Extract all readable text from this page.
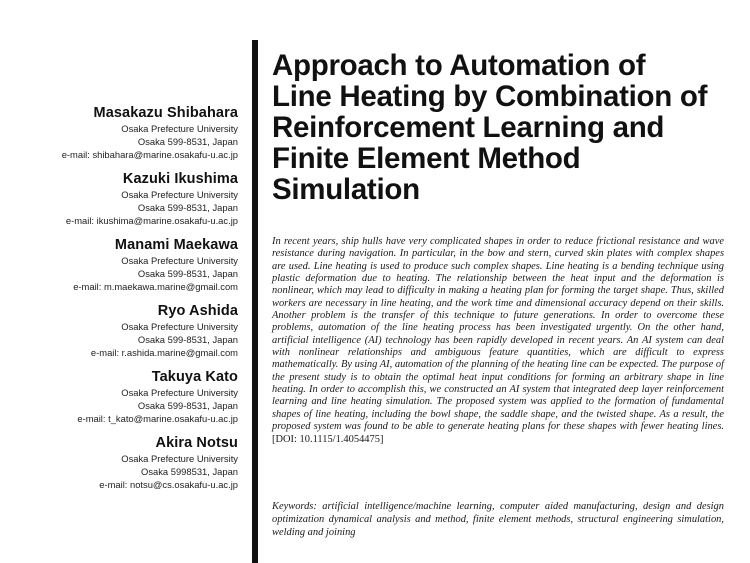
Masakazu Shibahara
Osaka Prefecture University
Osaka 599-8531, Japan
e-mail: shibahara@marine.osakafu-u.ac.jp
Kazuki Ikushima
Osaka Prefecture University
Osaka 599-8531, Japan
e-mail: ikushima@marine.osakafu-u.ac.jp
Manami Maekawa
Osaka Prefecture University
Osaka 599-8531, Japan
e-mail: m.maekawa.marine@gmail.com
Ryo Ashida
Osaka Prefecture University
Osaka 599-8531, Japan
e-mail: r.ashida.marine@gmail.com
Takuya Kato
Osaka Prefecture University
Osaka 599-8531, Japan
e-mail: t_kato@marine.osakafu-u.ac.jp
Akira Notsu
Osaka Prefecture University
Osaka 5998531, Japan
e-mail: notsu@cs.osakafu-u.ac.jp
Approach to Automation of Line Heating by Combination of Reinforcement Learning and Finite Element Method Simulation

In recent years, ship hulls have very complicated shapes in order to reduce frictional resistance and wave resistance during navigation. In particular, in the bow and stern, curved skin plates with complex shapes are used. Line heating is used to produce such complex shapes. Line heating is a bending technique using plastic deformation due to heating. The relationship between the heat input and the deformation is nonlinear, which may lead to difficulty in making a heating plan for forming the target shape. Thus, skilled workers are necessary in line heating, and the work time and dimensional accuracy depend on their skills. Another problem is the transfer of this technique to future generations. In order to overcome these problems, automation of the line heating process has been investigated urgently. On the other hand, artificial intelligence (AI) technology has been rapidly developed in recent years. An AI system can deal with nonlinear relationships and ambiguous feature quantities, which are difficult to express mathematically. By using AI, automation of the planning of the heating line can be expected. The purpose of the present study is to obtain the optimal heat input conditions for forming an arbitrary shape in line heating. In order to accomplish this, we constructed an AI system that integrated deep layer reinforcement learning and line heating simulation. The proposed system was applied to the formation of fundamental shapes of line heating, including the bowl shape, the saddle shape, and the twisted shape. As a result, the proposed system was found to be able to generate heating plans for these shapes with fewer heating lines. [DOI: 10.1115/1.4054475]

Keywords: artificial intelligence/machine learning, computer aided manufacturing, design and design optimization dynamical analysis and method, finite element methods, structural engineering simulation, welding and joining
